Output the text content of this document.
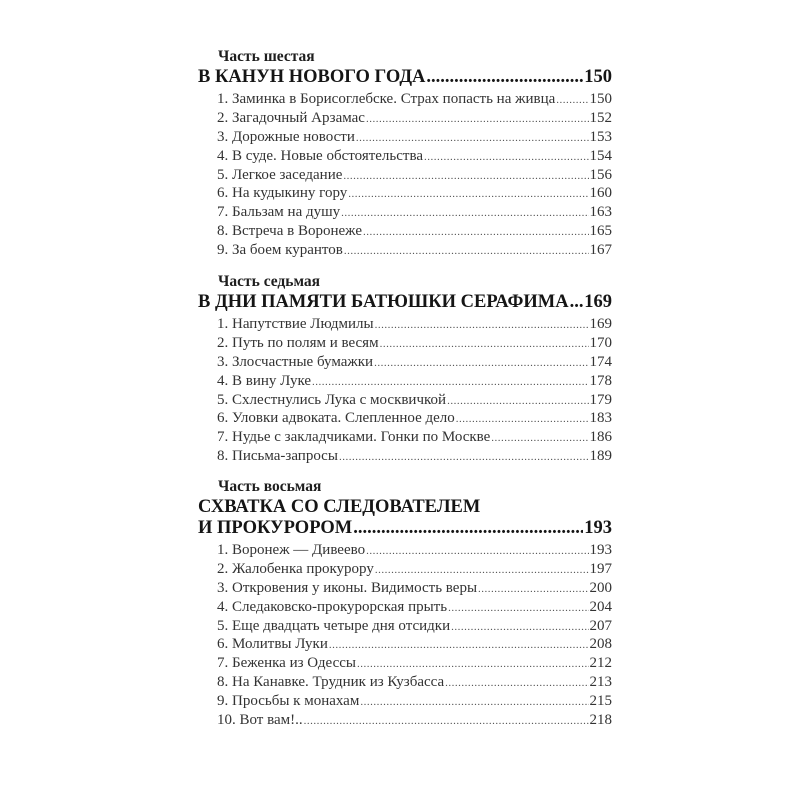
Часть шестая
В КАНУН НОВОГО ГОДА .....	150
1. Заминка в Борисоглебске. Страх попасть на живца ..... 150
2. Загадочный Арзамас .....	152
3. Дорожные новости .....	153
4. В суде. Новые обстоятельства .....	154
5. Легкое заседание .....	156
6. На кудыкину гору .....	160
7. Бальзам на душу .....	163
8. Встреча в Воронеже .....	165
9. За боем курантов .....	167
Часть седьмая
В ДНИ ПАМЯТИ БАТЮШКИ СЕРАФИМА ..... 169
1. Напутствие Людмилы .....	169
2. Путь по полям и весям .....	170
3. Злосчастные бумажки .....	174
4. В вину Луке .....	178
5. Схлестнулись Лука с москвичкой .....	179
6. Уловки адвоката. Слепленное дело .....	183
7. Нудье с закладчиками. Гонки по Москве .....	186
8. Письма-запросы .....	189
Часть восьмая
СХВАТКА СО СЛЕДОВАТЕЛЕМ
И ПРОКУРОРОМ .....	193
1. Воронеж — Дивеево .....	193
2. Жалобенка прокурору .....	197
3. Откровения у иконы. Видимость веры .....	200
4. Следаковско-прокурорская прыть .....	204
5. Еще двадцать четыре дня отсидки .....	207
6. Молитвы Луки .....	208
7. Беженка из Одессы .....	212
8. На Канавке. Трудник из Кузбасса .....	213
9. Просьбы к монахам .....	215
10. Вот вам!.. .....	218
